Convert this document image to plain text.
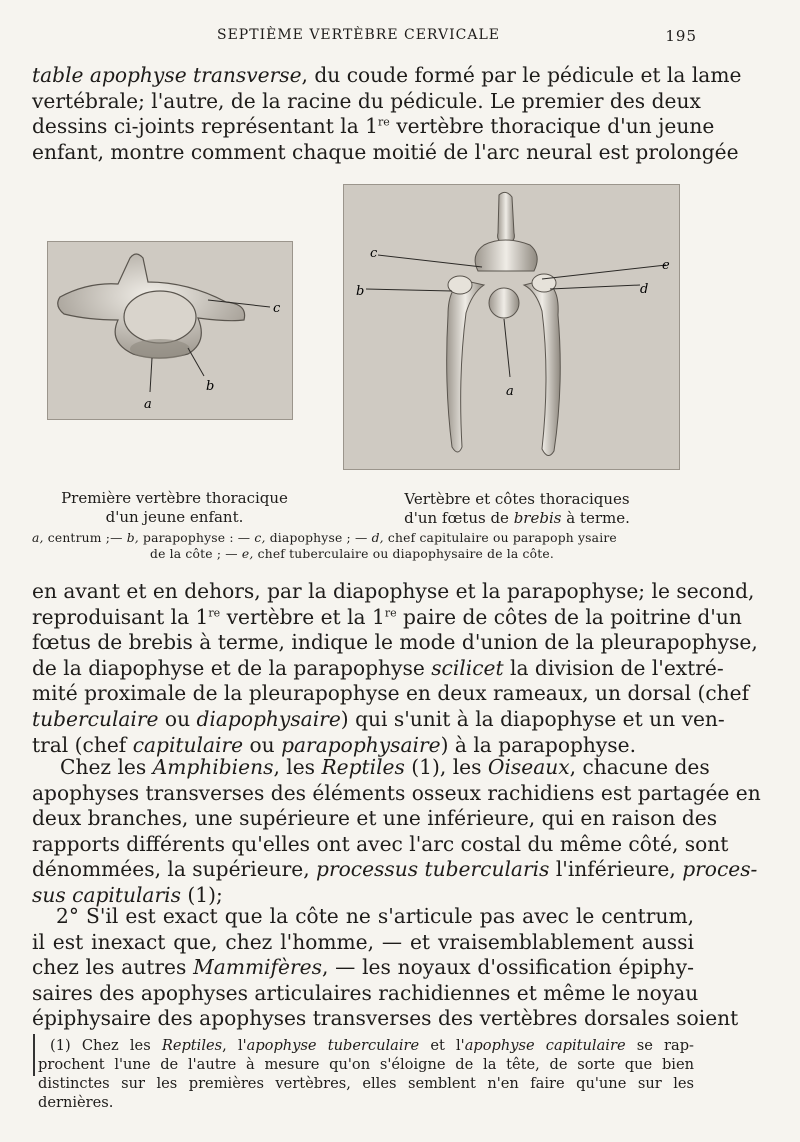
SEPTIÈME VERTÈBRE CERVICALE	195
table apophyse transverse, du coude formé par le pédicule et la lame
vertébrale; l'autre, de la racine du pédicule. Le premier des deux
dessins ci-joints représentant la 1re vertèbre thoracique d'un jeune
enfant, montre comment chaque moitié de l'arc neural est prolongée
c
b
a
c
b
e
d
a
Première vertèbre thoracique
d'un jeune enfant.
Vertèbre et côtes thoraciques
d'un fœtus de brebis à terme.
a, centrum ;— b, parapophyse : — c, diapophyse ; — d, chef capitulaire ou parapoph ysaire
de la côte ; — e, chef tuberculaire ou diapophysaire de la côte.
en avant et en dehors, par la diapophyse et la parapophyse; le second,
reproduisant la 1re vertèbre et la 1re paire de côtes de la poitrine d'un
fœtus de brebis à terme, indique le mode d'union de la pleurapophyse,
de la diapophyse et de la parapophyse scilicet la division de l'extré-
mité proximale de la pleurapophyse en deux rameaux, un dorsal (chef
tuberculaire ou diapophysaire) qui s'unit à la diapophyse et un ven-
tral (chef capitulaire ou parapophysaire) à la parapophyse.
Chez les Amphibiens, les Reptiles (1), les Oiseaux, chacune des
apophyses transverses des éléments osseux rachidiens est partagée en
deux branches, une supérieure et une inférieure, qui en raison des
rapports différents qu'elles ont avec l'arc costal du même côté, sont
dénommées, la supérieure, processus tubercularis l'inférieure, proces-
sus capitularis (1);
2° S'il est exact que la côte ne s'articule pas avec le centrum,
il est inexact que, chez l'homme, — et vraisemblablement aussi
chez les autres Mammifères, — les noyaux d'ossification épiphy-
saires des apophyses articulaires rachidiennes et même le noyau
épiphysaire des apophyses transverses des vertèbres dorsales soient
(1) Chez les Reptiles, l'apophyse tuberculaire et l'apophyse capitulaire se rap-
prochent l'une de l'autre à mesure qu'on s'éloigne de la tête, de sorte que bien
distinctes sur les premières vertèbres, elles semblent n'en faire qu'une sur les
dernières.
